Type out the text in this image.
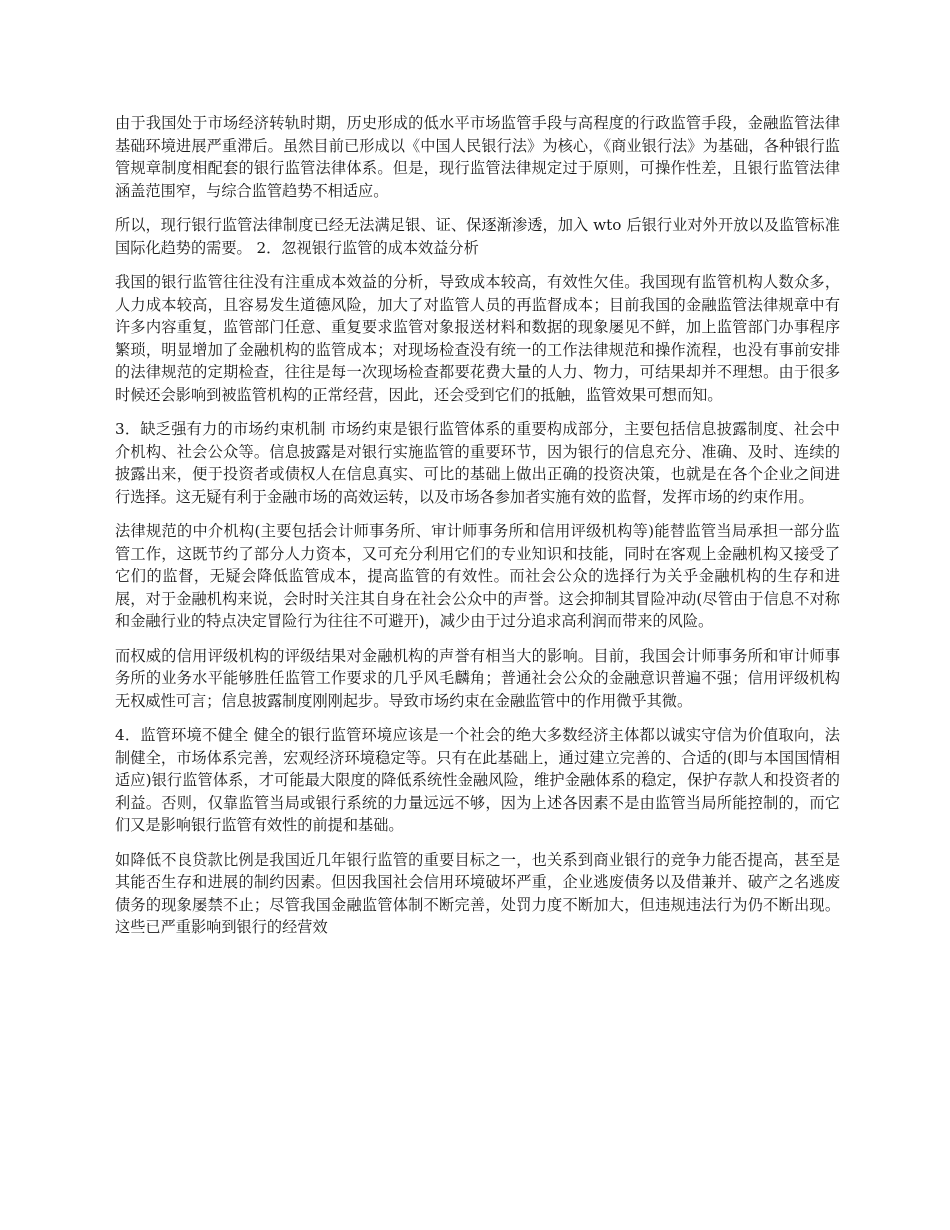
由于我国处于市场经济转轨时期，历史形成的低水平市场监管手段与高程度的行政监管手段，金融监管法律基础环境进展严重滞后。虽然目前已形成以《中国人民银行法》为核心，《商业银行法》为基础，各种银行监管规章制度相配套的银行监管法律体系。但是，现行监管法律规定过于原则，可操作性差，且银行监管法律涵盖范围窄，与综合监管趋势不相适应。

所以，现行银行监管法律制度已经无法满足银、证、保逐渐渗透，加入 wto 后银行业对外开放以及监管标准国际化趋势的需要。 2．忽视银行监管的成本效益分析

我国的银行监管往往没有注重成本效益的分析，导致成本较高，有效性欠佳。我国现有监管机构人数众多，人力成本较高，且容易发生道德风险，加大了对监管人员的再监督成本；目前我国的金融监管法律规章中有许多内容重复，监管部门任意、重复要求监管对象报送材料和数据的现象屡见不鲜，加上监管部门办事程序繁琐，明显增加了金融机构的监管成本；对现场检查没有统一的工作法律规范和操作流程，也没有事前安排的法律规范的定期检查，往往是每一次现场检查都要花费大量的人力、物力，可结果却并不理想。由于很多时候还会影响到被监管机构的正常经营，因此，还会受到它们的抵触，监管效果可想而知。

3．缺乏强有力的市场约束机制 市场约束是银行监管体系的重要构成部分，主要包括信息披露制度、社会中介机构、社会公众等。信息披露是对银行实施监管的重要环节，因为银行的信息充分、准确、及时、连续的披露出来，便于投资者或债权人在信息真实、可比的基础上做出正确的投资决策，也就是在各个企业之间进行选择。这无疑有利于金融市场的高效运转，以及市场各参加者实施有效的监督，发挥市场的约束作用。

法律规范的中介机构(主要包括会计师事务所、审计师事务所和信用评级机构等)能替监管当局承担一部分监管工作，这既节约了部分人力资本，又可充分利用它们的专业知识和技能，同时在客观上金融机构又接受了它们的监督，无疑会降低监管成本，提高监管的有效性。而社会公众的选择行为关乎金融机构的生存和进展，对于金融机构来说，会时时关注其自身在社会公众中的声誉。这会抑制其冒险冲动(尽管由于信息不对称和金融行业的特点决定冒险行为往往不可避开)，减少由于过分追求高利润而带来的风险。

而权威的信用评级机构的评级结果对金融机构的声誉有相当大的影响。目前，我国会计师事务所和审计师事务所的业务水平能够胜任监管工作要求的几乎风毛麟角；普通社会公众的金融意识普遍不强；信用评级机构无权威性可言；信息披露制度刚刚起步。导致市场约束在金融监管中的作用微乎其微。

4．监管环境不健全 健全的银行监管环境应该是一个社会的绝大多数经济主体都以诚实守信为价值取向，法制健全，市场体系完善，宏观经济环境稳定等。只有在此基础上，通过建立完善的、合适的(即与本国国情相适应)银行监管体系，才可能最大限度的降低系统性金融风险，维护金融体系的稳定，保护存款人和投资者的利益。否则，仅靠监管当局或银行系统的力量远远不够，因为上述各因素不是由监管当局所能控制的，而它们又是影响银行监管有效性的前提和基础。

如降低不良贷款比例是我国近几年银行监管的重要目标之一，也关系到商业银行的竞争力能否提高，甚至是其能否生存和进展的制约因素。但因我国社会信用环境破坏严重，企业逃废债务以及借兼并、破产之名逃废债务的现象屡禁不止；尽管我国金融监管体制不断完善，处罚力度不断加大，但违规违法行为仍不断出现。这些已严重影响到银行的经营效
